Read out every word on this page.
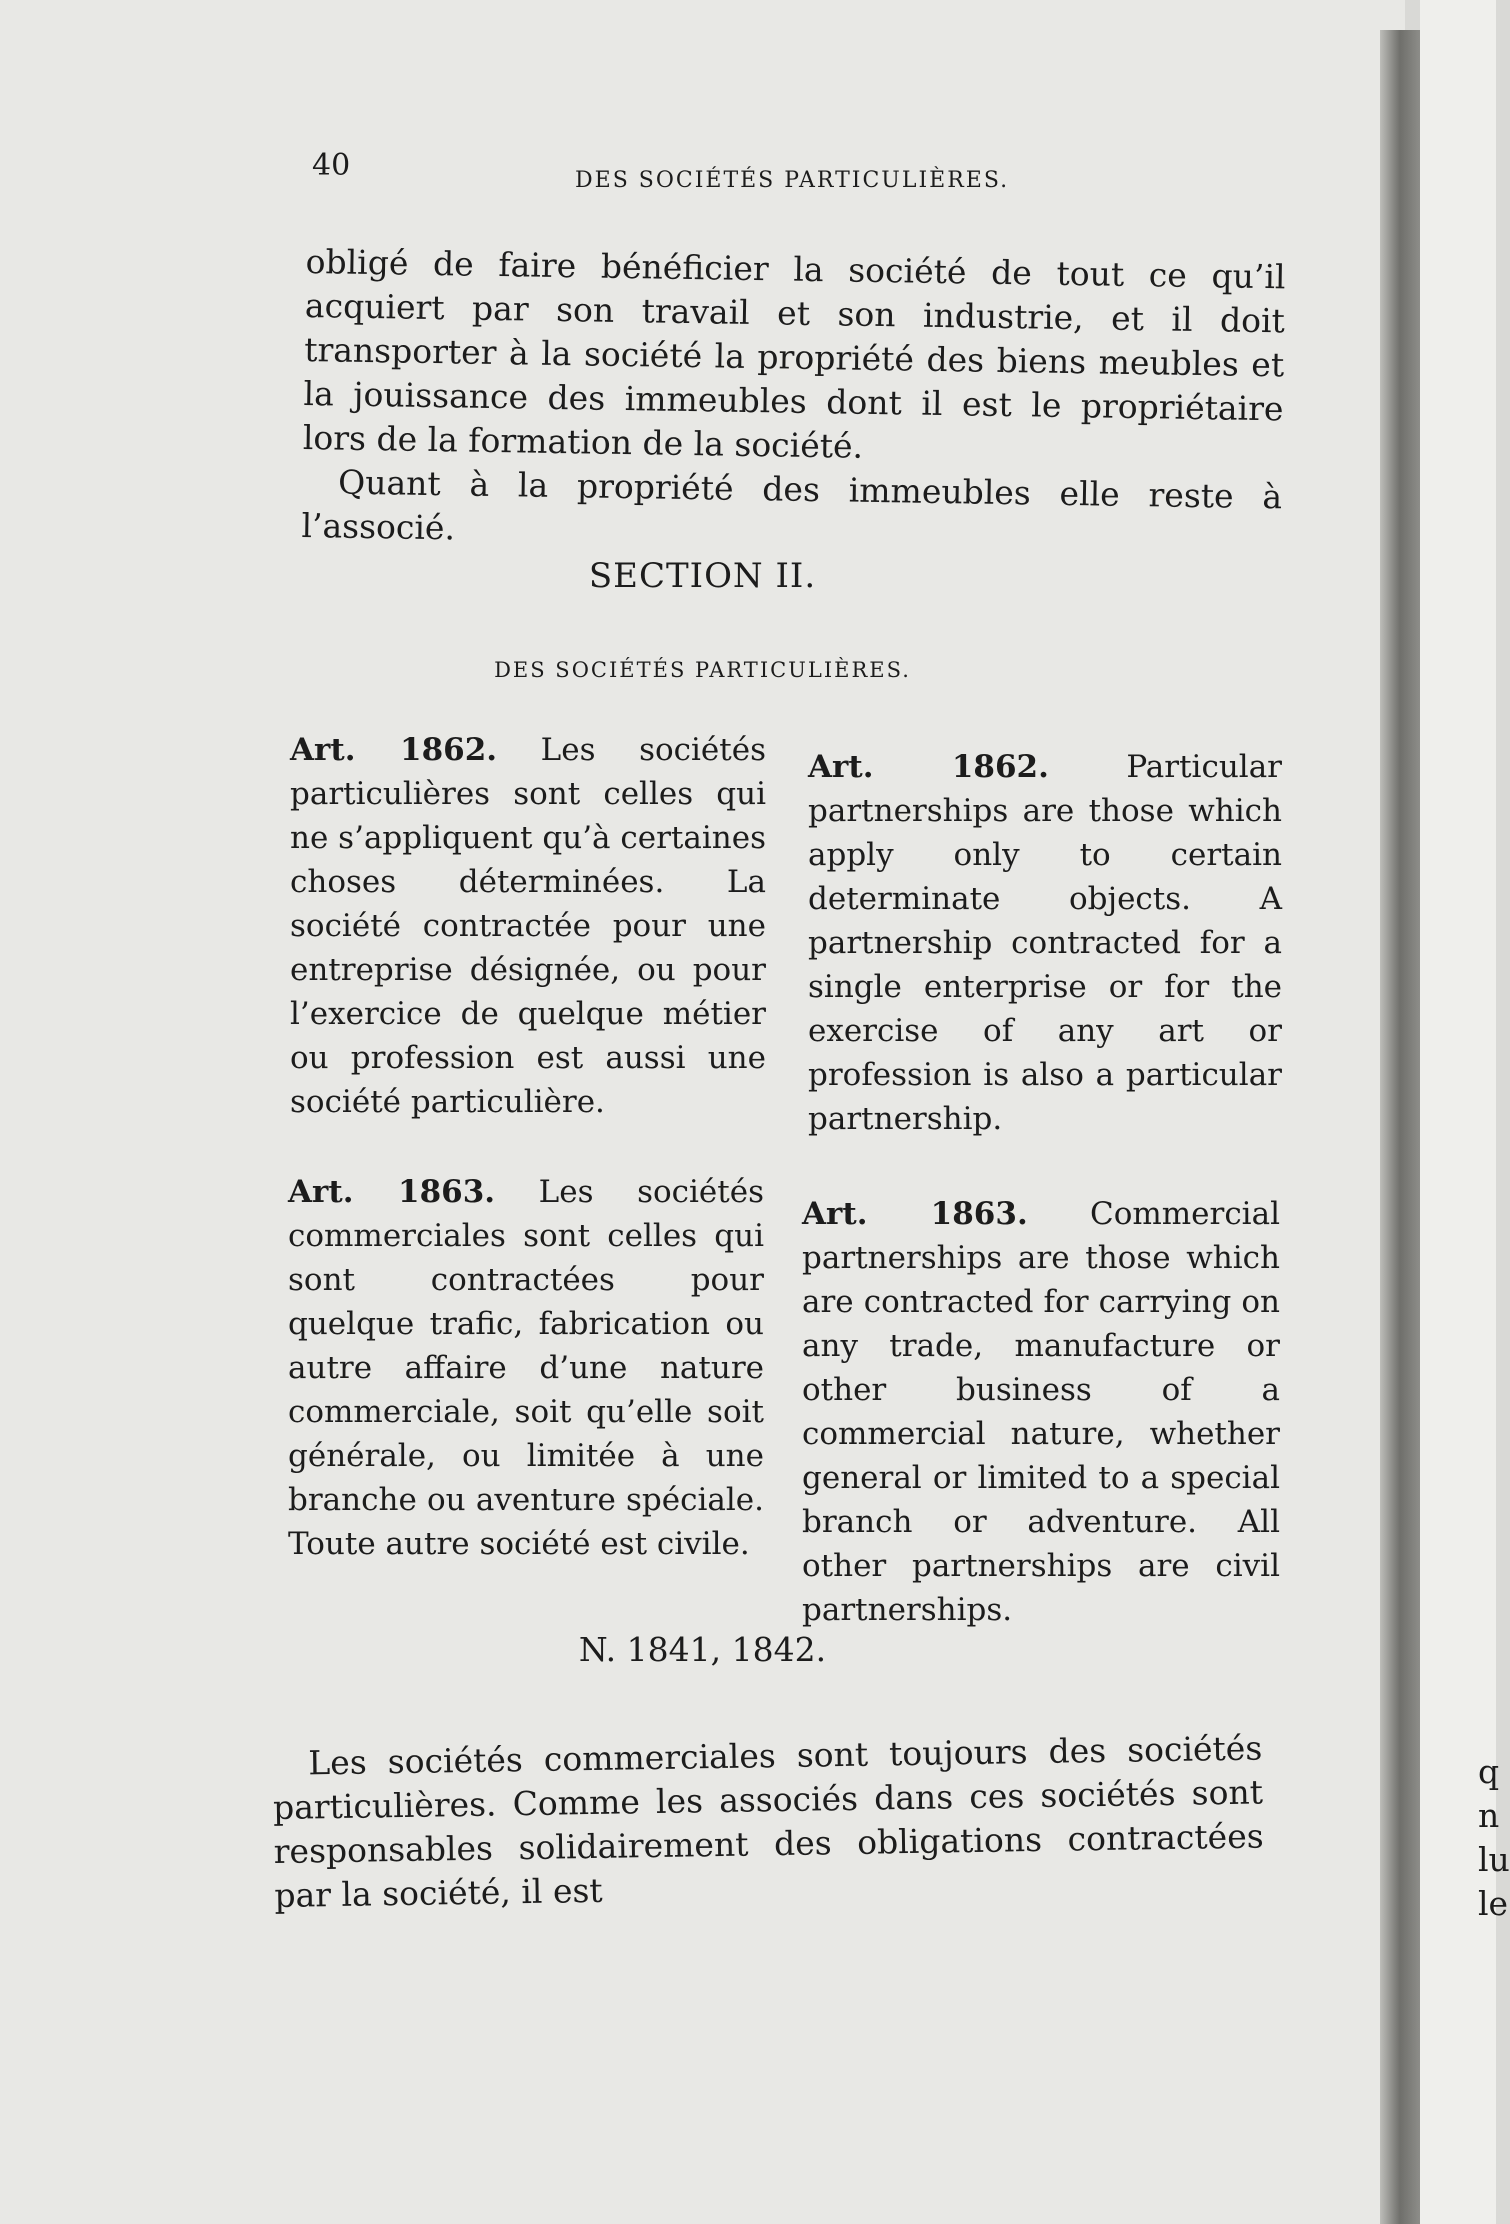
40	DES SOCIÉTÉS PARTICULIÈRES.

obligé de faire bénéficier la société de tout ce qu’il acquiert par son travail et son industrie, et il doit transporter à la société la propriété des biens meubles et la jouissance des immeubles dont il est le propriétaire lors de la formation de la société.

Quant à la propriété des immeubles elle reste à l’associé.

SECTION II.
DES SOCIÉTÉS PARTICULIÈRES.

Art. 1862. Les sociétés particulières sont celles qui ne s’appliquent qu’à certaines choses déterminées. La société contractée pour une entreprise désignée, ou pour l’exercice de quelque métier ou profession est aussi une société particulière.

Art. 1862. Particular partnerships are those which apply only to certain determinate objects. A partnership contracted for a single enterprise or for the exercise of any art or profession is also a particular partnership.

Art. 1863. Les sociétés commerciales sont celles qui sont contractées pour quelque trafic, fabrication ou autre affaire d’une nature commerciale, soit qu’elle soit générale, ou limitée à une branche ou aventure spéciale. Toute autre société est civile.

Art. 1863. Commercial partnerships are those which are contracted for carrying on any trade, manufacture or other business of a commercial nature, whether general or limited to a special branch or adventure. All other partnerships are civil partnerships.

N. 1841, 1842.

Les sociétés commerciales sont toujours des sociétés particulières. Comme les associés dans ces sociétés sont responsables solidairement des obligations contractées par la société, il est

q
n
lu
le
